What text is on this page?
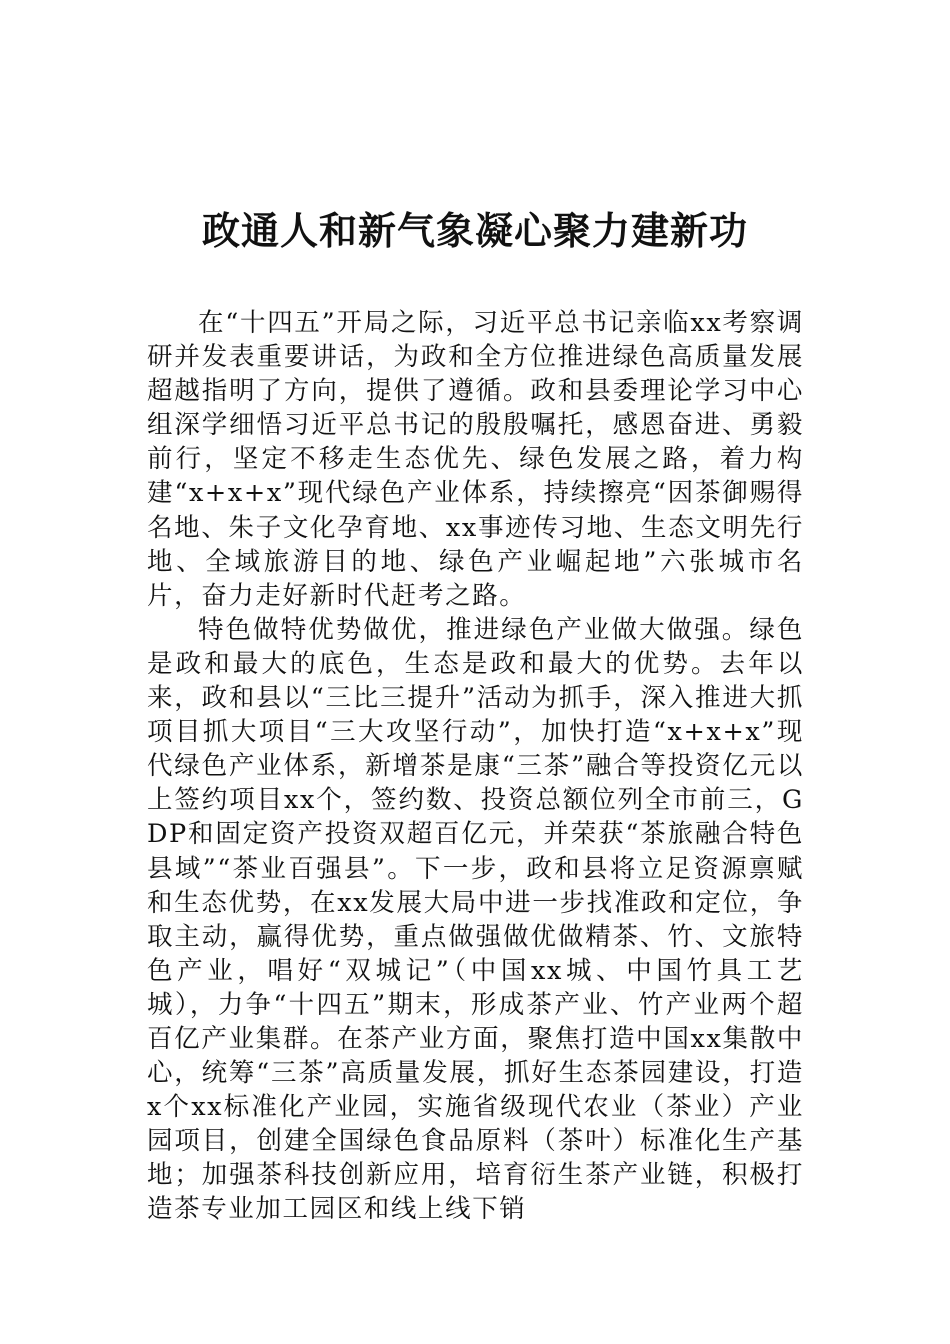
政通人和新气象凝心聚力建新功

在“十四五”开局之际，习近平总书记亲临xx考察调研并发表重要讲话，为政和全方位推进绿色高质量发展超越指明了方向，提供了遵循。政和县委理论学习中心组深学细悟习近平总书记的殷殷嘱托，感恩奋进、勇毅前行，坚定不移走生态优先、绿色发展之路，着力构建“x+x+x”现代绿色产业体系，持续擦亮“因茶御赐得名地、朱子文化孕育地、xx事迹传习地、生态文明先行地、全域旅游目的地、绿色产业崛起地”六张城市名片，奋力走好新时代赶考之路。

特色做特优势做优，推进绿色产业做大做强。绿色是政和最大的底色，生态是政和最大的优势。去年以来，政和县以“三比三提升”活动为抓手，深入推进大抓项目抓大项目“三大攻坚行动”，加快打造“x+x+x”现代绿色产业体系，新增茶是康“三茶”融合等投资亿元以上签约项目xx个，签约数、投资总额位列全市前三，GDP和固定资产投资双超百亿元，并荣获“茶旅融合特色县域”“茶业百强县”。下一步，政和县将立足资源禀赋和生态优势，在xx发展大局中进一步找准政和定位，争取主动，赢得优势，重点做强做优做精茶、竹、文旅特色产业，唱好“双城记”（中国xx城、中国竹具工艺城），力争“十四五”期末，形成茶产业、竹产业两个超百亿产业集群。在茶产业方面，聚焦打造中国xx集散中心，统筹“三茶”高质量发展，抓好生态茶园建设，打造x个xx标准化产业园，实施省级现代农业（茶业）产业园项目，创建全国绿色食品原料（茶叶）标准化生产基地；加强茶科技创新应用，培育衍生茶产业链，积极打造茶专业加工园区和线上线下销
